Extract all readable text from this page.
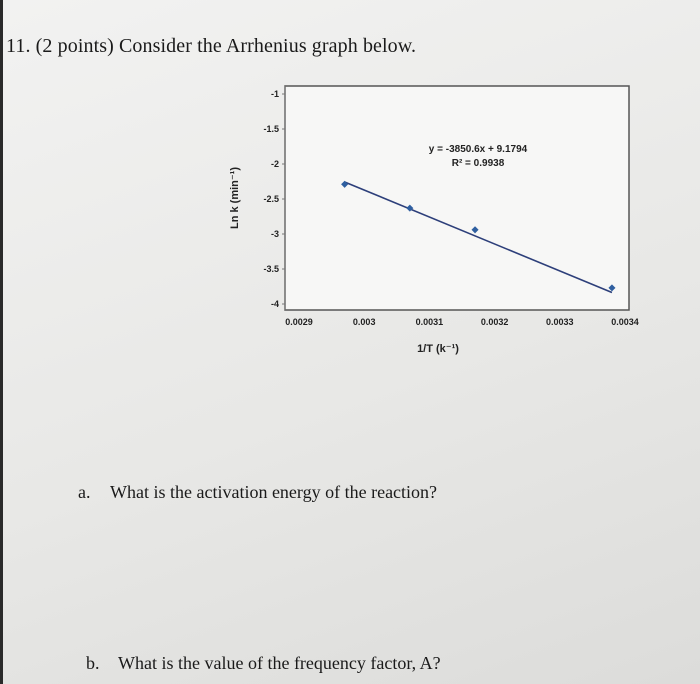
11. (2 points) Consider the Arrhenius graph below.
-1
-1.5
-2
-2.5
-3
-3.5
-4
0.0029	0.003	0.0031	0.0032	0.0033	0.0034
y = -3850.6x + 9.1794
R² = 0.9938
1/T (k⁻¹)
Ln k (min⁻¹)
a. What is the activation energy of the reaction?
b. What is the value of the frequency factor, A?
